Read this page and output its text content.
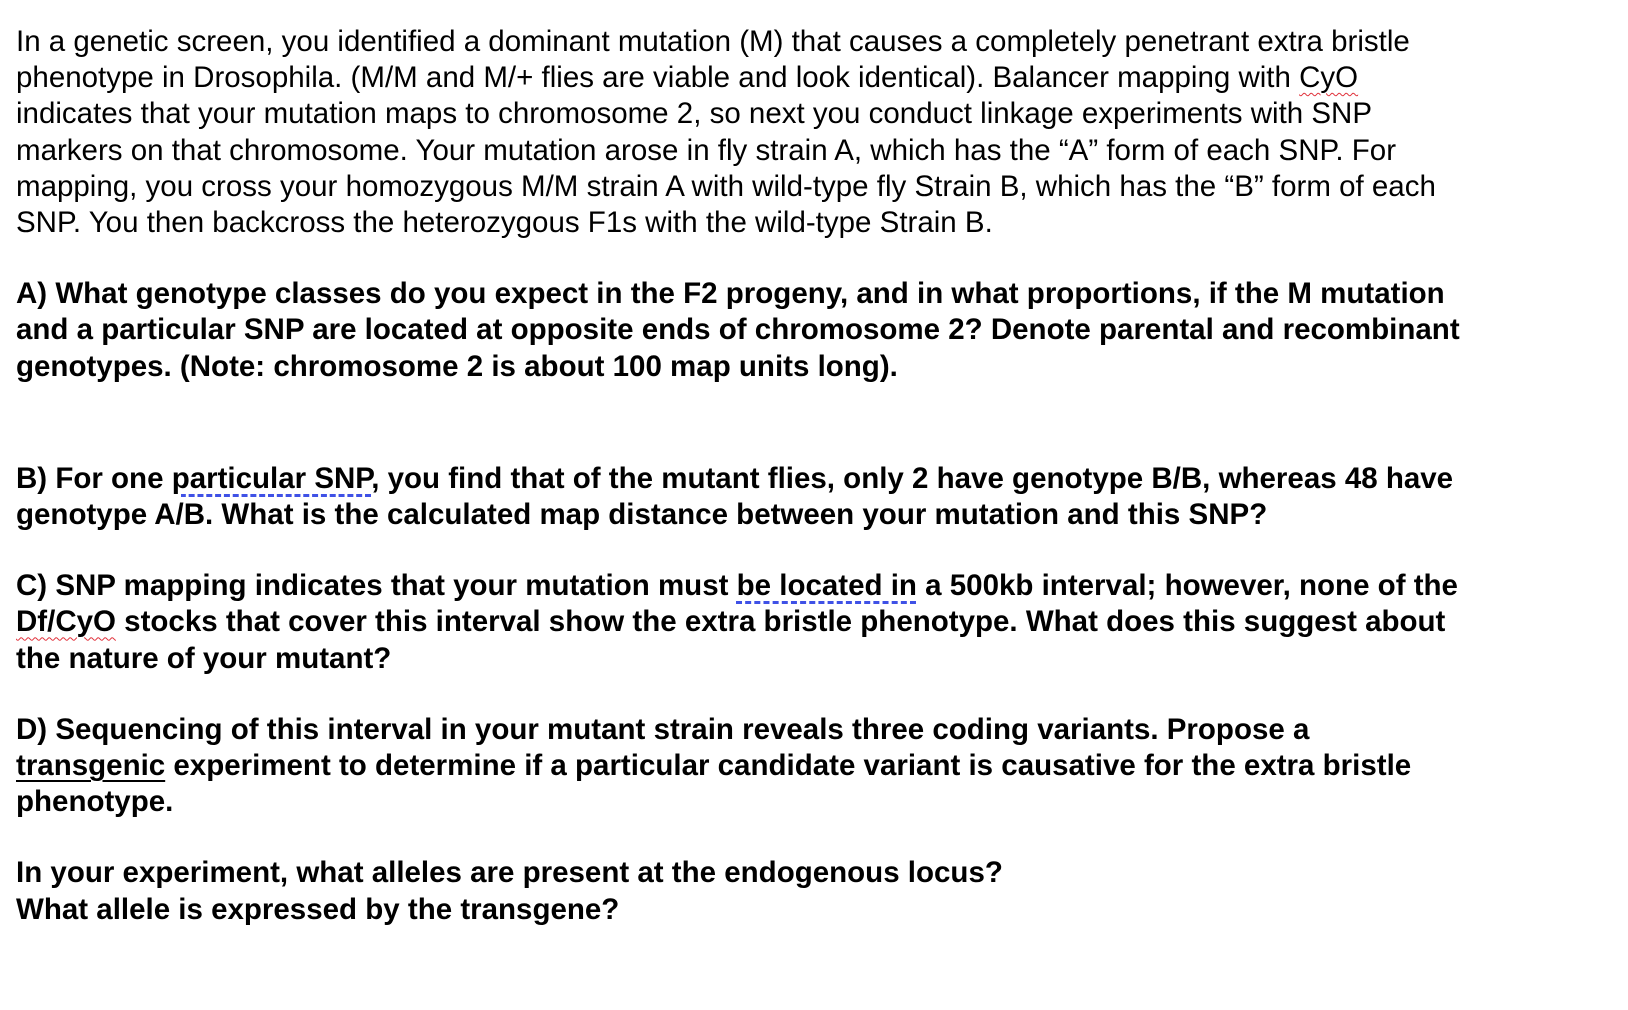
In a genetic screen, you identified a dominant mutation (M) that causes a completely penetrant extra bristle
phenotype in Drosophila. (M/M and M/+ flies are viable and look identical). Balancer mapping with CyO
indicates that your mutation maps to chromosome 2, so next you conduct linkage experiments with SNP
markers on that chromosome. Your mutation arose in fly strain A, which has the “A” form of each SNP. For
mapping, you cross your homozygous M/M strain A with wild-type fly Strain B, which has the “B” form of each
SNP. You then backcross the heterozygous F1s with the wild-type Strain B.

A) What genotype classes do you expect in the F2 progeny, and in what proportions, if the M mutation
and a particular SNP are located at opposite ends of chromosome 2? Denote parental and recombinant
genotypes. (Note: chromosome 2 is about 100 map units long).

B) For one particular SNP, you find that of the mutant flies, only 2 have genotype B/B, whereas 48 have
genotype A/B. What is the calculated map distance between your mutation and this SNP?

C) SNP mapping indicates that your mutation must be located in a 500kb interval; however, none of the
Df/CyO stocks that cover this interval show the extra bristle phenotype. What does this suggest about
the nature of your mutant?

D) Sequencing of this interval in your mutant strain reveals three coding variants. Propose a
transgenic experiment to determine if a particular candidate variant is causative for the extra bristle
phenotype.

In your experiment, what alleles are present at the endogenous locus?
What allele is expressed by the transgene?
